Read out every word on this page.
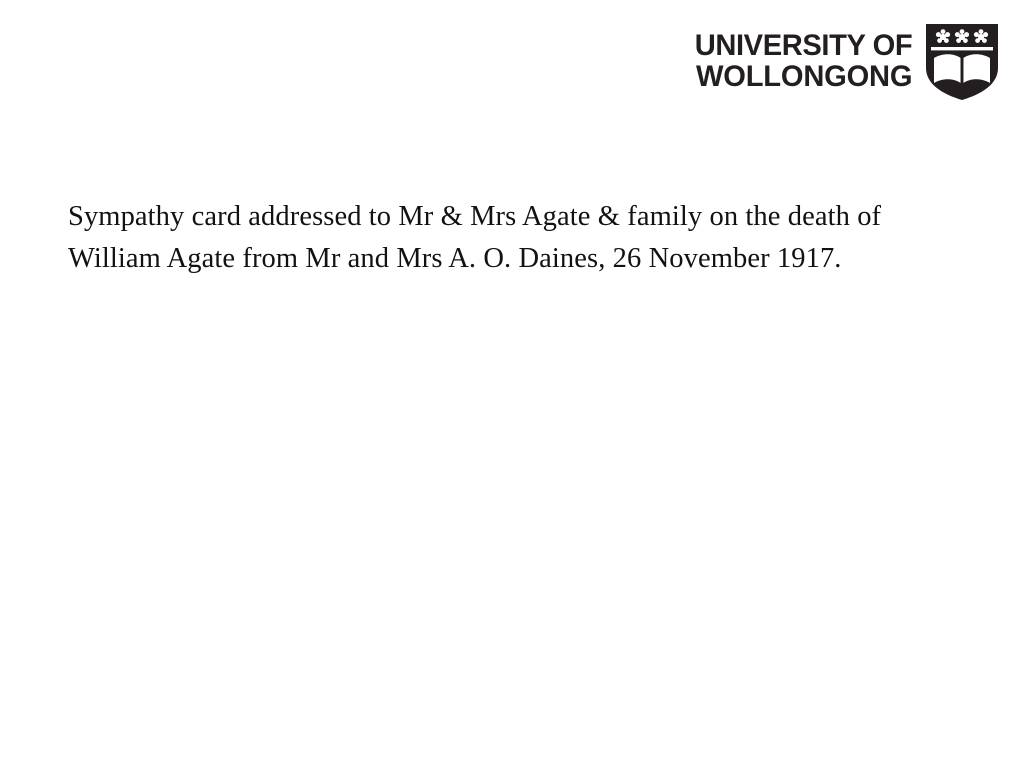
UNIVERSITY OF
WOLLONGONG
Sympathy card addressed to Mr & Mrs Agate & family on the death of William Agate from Mr and Mrs A. O. Daines, 26 November 1917.
